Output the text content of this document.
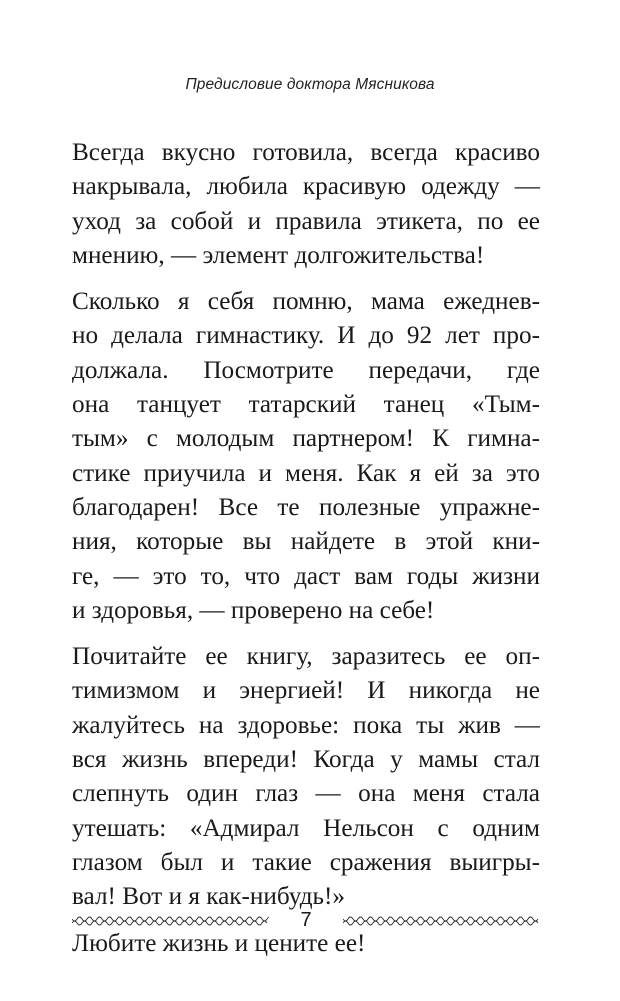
Предисловие доктора Мясникова

Всегда вкусно готовила, всегда красиво
накрывала, любила красивую одежду —
уход за собой и правила этикета, по ее
мнению, — элемент долгожительства!

Сколько я себя помню, мама ежеднев-
но делала гимнастику. И до 92 лет про-
должала. Посмотрите передачи, где
она танцует татарский танец «Тым-
тым» с молодым партнером! К гимна-
стике приучила и меня. Как я ей за это
благодарен! Все те полезные упражне-
ния, которые вы найдете в этой кни-
ге, — это то, что даст вам годы жизни
и здоровья, — проверено на себе!

Почитайте ее книгу, заразитесь ее оп-
тимизмом и энергией! И никогда не
жалуйтесь на здоровье: пока ты жив —
вся жизнь впереди! Когда у мамы стал
слепнуть один глаз — она меня стала
утешать: «Адмирал Нельсон с одним
глазом был и такие сражения выигры-
вал! Вот и я как-нибудь!»

Любите жизнь и цените ее!

7
